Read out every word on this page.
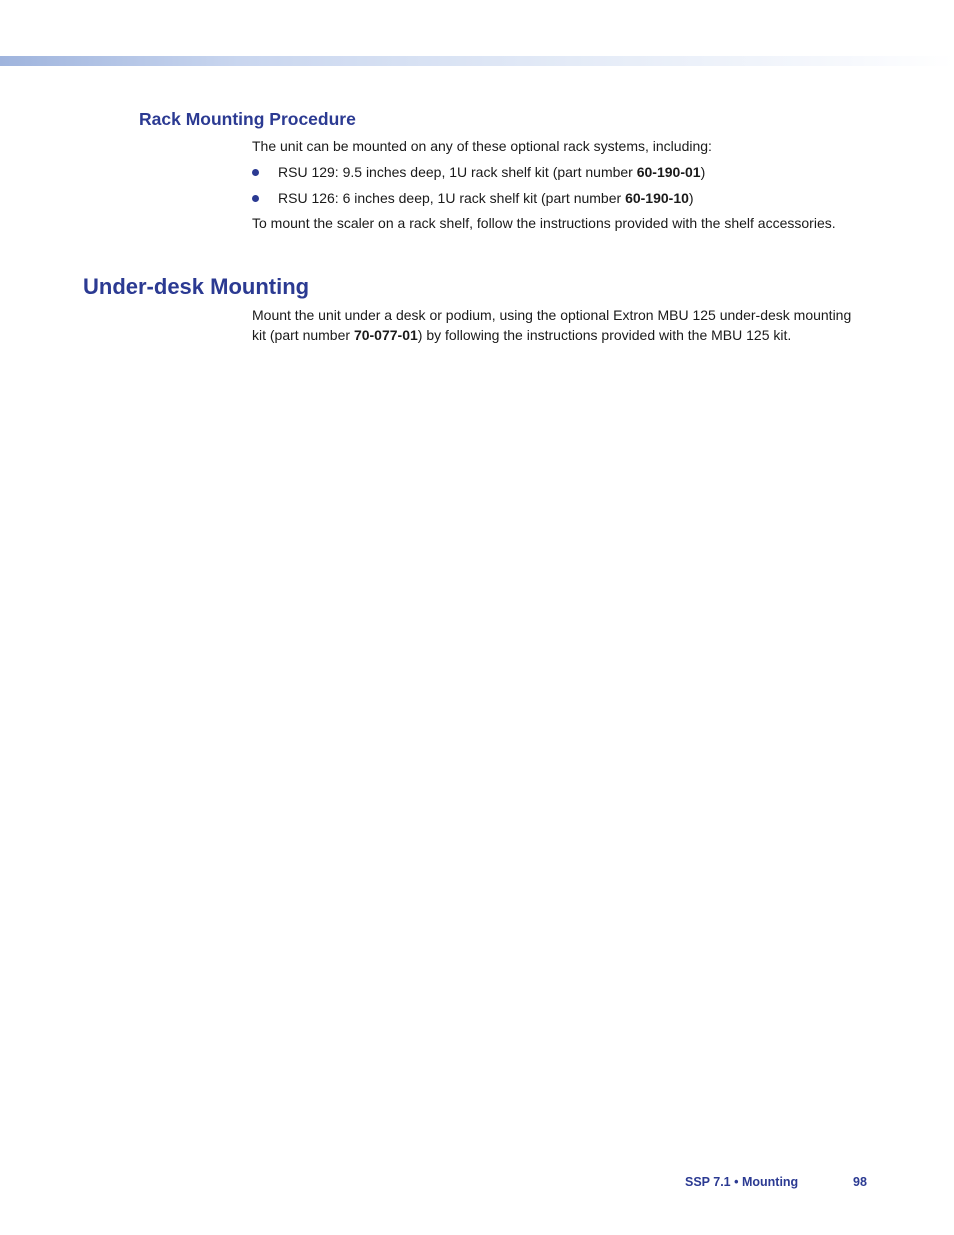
Rack Mounting Procedure

The unit can be mounted on any of these optional rack systems, including:

RSU 129: 9.5 inches deep, 1U rack shelf kit (part number 60-190-01)
RSU 126: 6 inches deep, 1U rack shelf kit (part number 60-190-10)

To mount the scaler on a rack shelf, follow the instructions provided with the shelf accessories.

Under-desk Mounting

Mount the unit under a desk or podium, using the optional Extron MBU 125 under-desk mounting kit (part number 70-077-01) by following the instructions provided with the MBU 125 kit.

SSP 7.1 • Mounting	98
